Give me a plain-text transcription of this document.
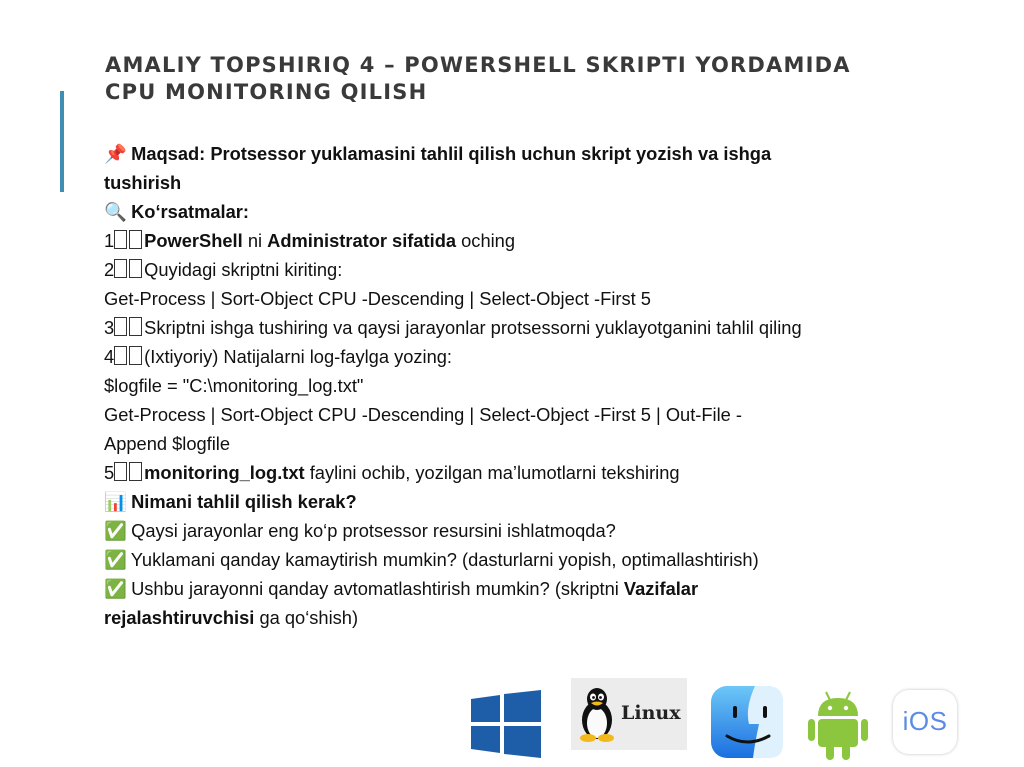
AMALIY TOPSHIRIQ 4 – POWERSHELL SKRIPTI YORDAMIDA CPU MONITORING QILISH
📌 Maqsad: Protsessor yuklamasini tahlil qilish uchun skript yozish va ishga
tushirish
🔍 Ko‘rsatmalar:
1 PowerShell ni Administrator sifatida oching
2 Quyidagi skriptni kiriting:
Get-Process | Sort-Object CPU -Descending | Select-Object -First 5
3 Skriptni ishga tushiring va qaysi jarayonlar protsessorni yuklayotganini tahlil qiling
4 (Ixtiyoriy) Natijalarni log-faylga yozing:
$logfile = "C:\monitoring_log.txt"
Get-Process | Sort-Object CPU -Descending | Select-Object -First 5 | Out-File -
Append $logfile
5 monitoring_log.txt faylini ochib, yozilgan ma’lumotlarni tekshiring
📊 Nimani tahlil qilish kerak?
✅ Qaysi jarayonlar eng ko‘p protsessor resursini ishlatmoqda?
✅ Yuklamani qanday kamaytirish mumkin? (dasturlarni yopish, optimallashtirish)
✅ Ushbu jarayonni qanday avtomatlashtirish mumkin? (skriptni Vazifalar
rejalashtiruvchisi ga qo‘shish)
Linux	iOS
